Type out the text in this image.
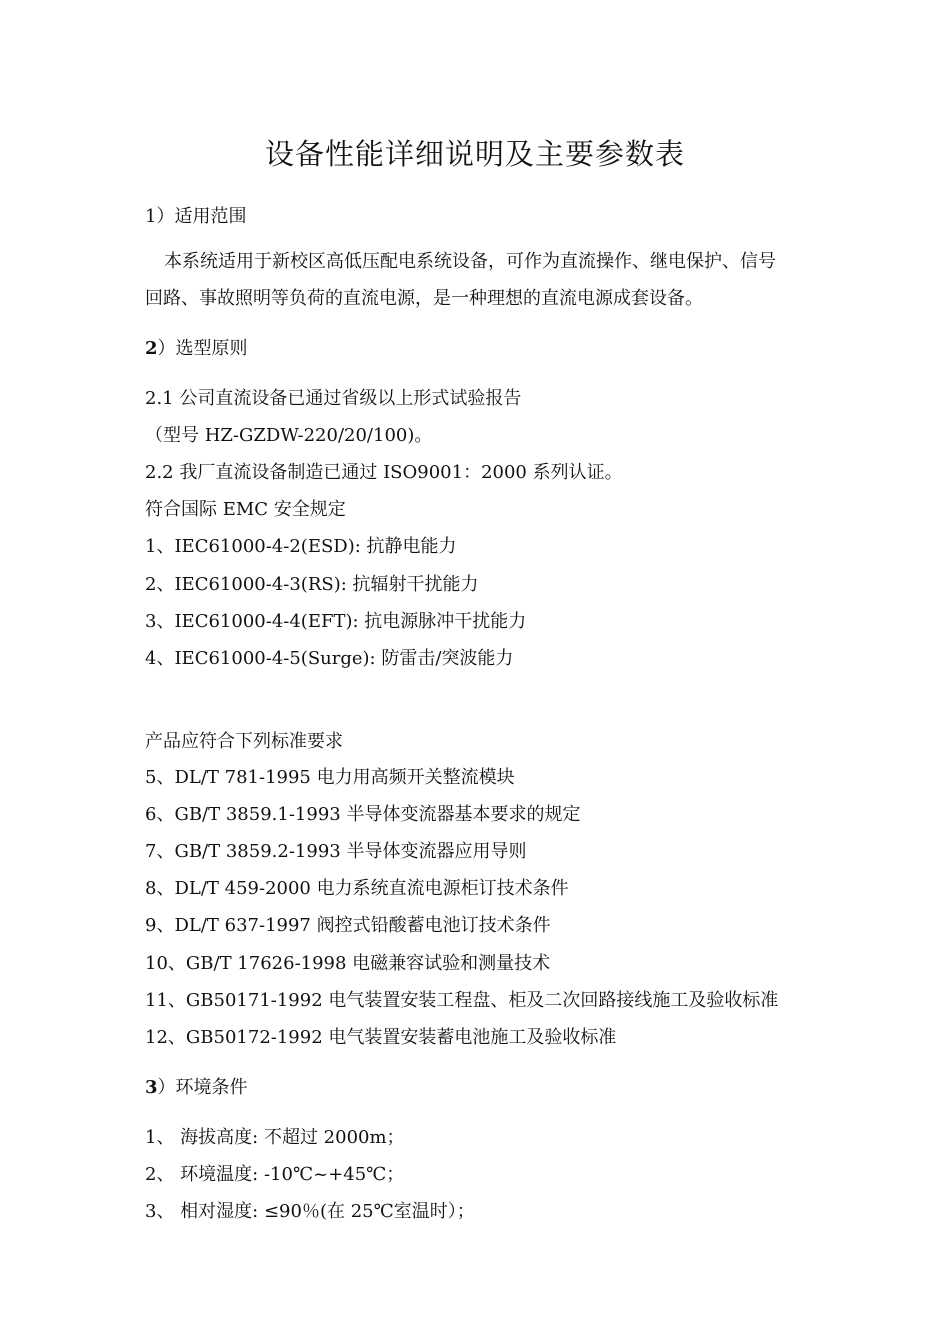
设备性能详细说明及主要参数表
1）适用范围
本系统适用于新校区高低压配电系统设备，可作为直流操作、继电保护、信号
回路、事故照明等负荷的直流电源，是一种理想的直流电源成套设备。
2）选型原则
2.1 公司直流设备已通过省级以上形式试验报告
（型号 HZ-GZDW-220/20/100)。
2.2 我厂直流设备制造已通过 ISO9001：2000 系列认证。
符合国际 EMC 安全规定
1、IEC61000-4-2(ESD): 抗静电能力
2、IEC61000-4-3(RS): 抗辐射干扰能力
3、IEC61000-4-4(EFT): 抗电源脉冲干扰能力
4、IEC61000-4-5(Surge): 防雷击/突波能力
产品应符合下列标准要求
5、DL/T 781-1995 电力用高频开关整流模块
6、GB/T 3859.1-1993 半导体变流器基本要求的规定
7、GB/T 3859.2-1993 半导体变流器应用导则
8、DL/T 459-2000 电力系统直流电源柜订技术条件
9、DL/T 637-1997 阀控式铅酸蓄电池订技术条件
10、GB/T 17626-1998 电磁兼容试验和测量技术
11、GB50171-1992 电气装置安装工程盘、柜及二次回路接线施工及验收标准
12、GB50172-1992 电气装置安装蓄电池施工及验收标准
3）环境条件
1、 海拔高度: 不超过 2000m；
2、 环境温度: -10℃~+45℃；
3、 相对湿度: ≤90％(在 25℃室温时）；
